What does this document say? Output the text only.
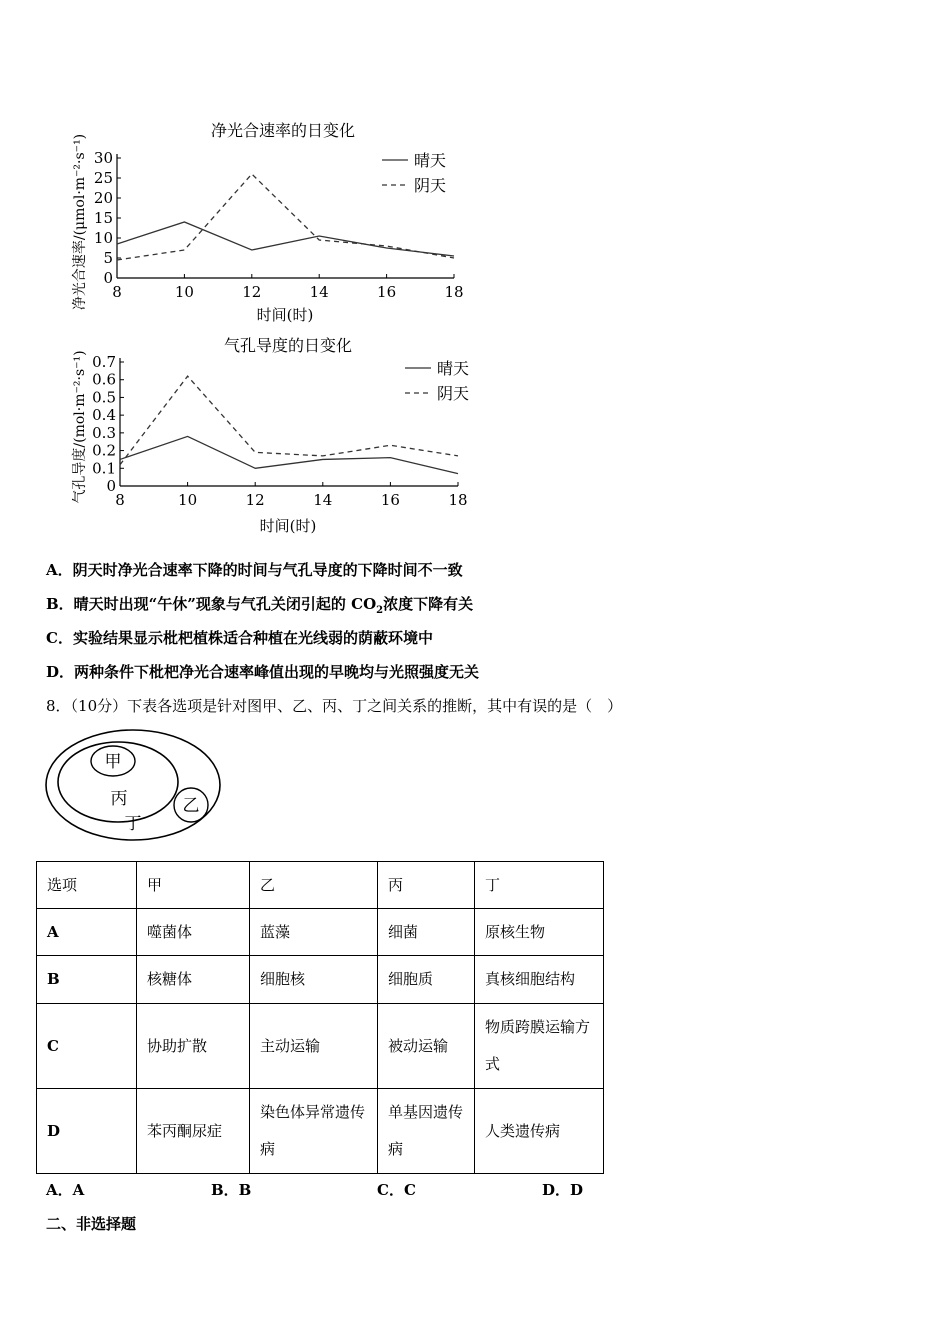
净光合速率的日变化
0
5
10
15
20
25
30
8	10	12	14	16	18
晴天
阴天
时间(时)
净光合速率/(μmol·m⁻²·s⁻¹)
气孔导度的日变化
0
0.1
0.2
0.3
0.4
0.5
0.6
0.7
8	10	12	14	16	18
晴天
阴天
时间(时)
气孔导度/(mol·m⁻²·s⁻¹)
A．阴天时净光合速率下降的时间与气孔导度的下降时间不一致
B．晴天时出现“午休”现象与气孔关闭引起的 $CO_2$浓度下降有关
C．实验结果显示枇杷植株适合种植在光线弱的荫蔽环境中
D．两种条件下枇杷净光合速率峰值出现的早晚均与光照强度无关
8．（10分）下表各选项是针对图甲、乙、丙、丁之间关系的推断，其中有误的是（　）
甲
丙	乙
丁
选项	甲	乙	丙	丁
A	噬菌体	蓝藻	细菌	原核生物
B	核糖体	细胞核	细胞质	真核细胞结构
C	协助扩散	主动运输	被动运输	物质跨膜运输方式
D	苯丙酮尿症	染色体异常遗传病	单基因遗传病	人类遗传病
A．A	B．B	C．C	D．D
二、非选择题
